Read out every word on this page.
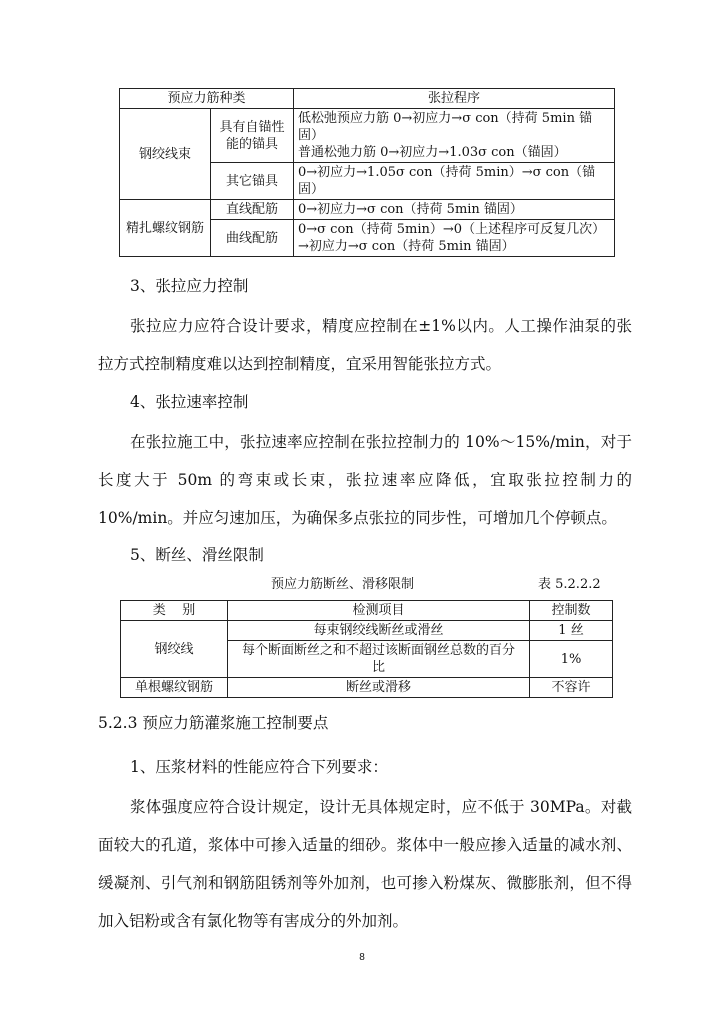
预应力筋种类		张拉程序
钢绞线束	具有自锚性能的锚具	低松弛预应力筋 0→初应力→σ con（持荷 5min 锚固）
普通松弛力筋 0→初应力→1.03σ con（锚固）

	其它锚具	0→初应力→1.05σ con（持荷 5min）→σ con（锚固）
精扎螺纹钢筋	直线配筋	0→初应力→σ con（持荷 5min 锚固）
	曲线配筋	0→σ con（持荷 5min）→0（上述程序可反复几次）→初应力→σ con（持荷 5min 锚固）
3、张拉应力控制
张拉应力应符合设计要求，精度应控制在±1%以内。人工操作油泵的张拉方式控制精度难以达到控制精度，宜采用智能张拉方式。
4、张拉速率控制
在张拉施工中，张拉速率应控制在张拉控制力的 10%～15%/min，对于长度大于 50m 的弯束或长束，张拉速率应降低，宜取张拉控制力的 10%/min。并应匀速加压，为确保多点张拉的同步性，可增加几个停顿点。
5、断丝、滑丝限制
预应力筋断丝、滑移限制	表 5.2.2.2
类    别	检测项目	控制数
钢绞线	每束钢绞线断丝或滑丝	1 丝
	每个断面断丝之和不超过该断面钢丝总数的百分比	1%
单根螺纹钢筋	断丝或滑移	不容许
5.2.3 预应力筋灌浆施工控制要点
1、压浆材料的性能应符合下列要求：
浆体强度应符合设计规定，设计无具体规定时，应不低于 30MPa。对截面较大的孔道，浆体中可掺入适量的细砂。浆体中一般应掺入适量的减水剂、缓凝剂、引气剂和钢筋阻锈剂等外加剂，也可掺入粉煤灰、微膨胀剂，但不得加入铝粉或含有氯化物等有害成分的外加剂。
8
